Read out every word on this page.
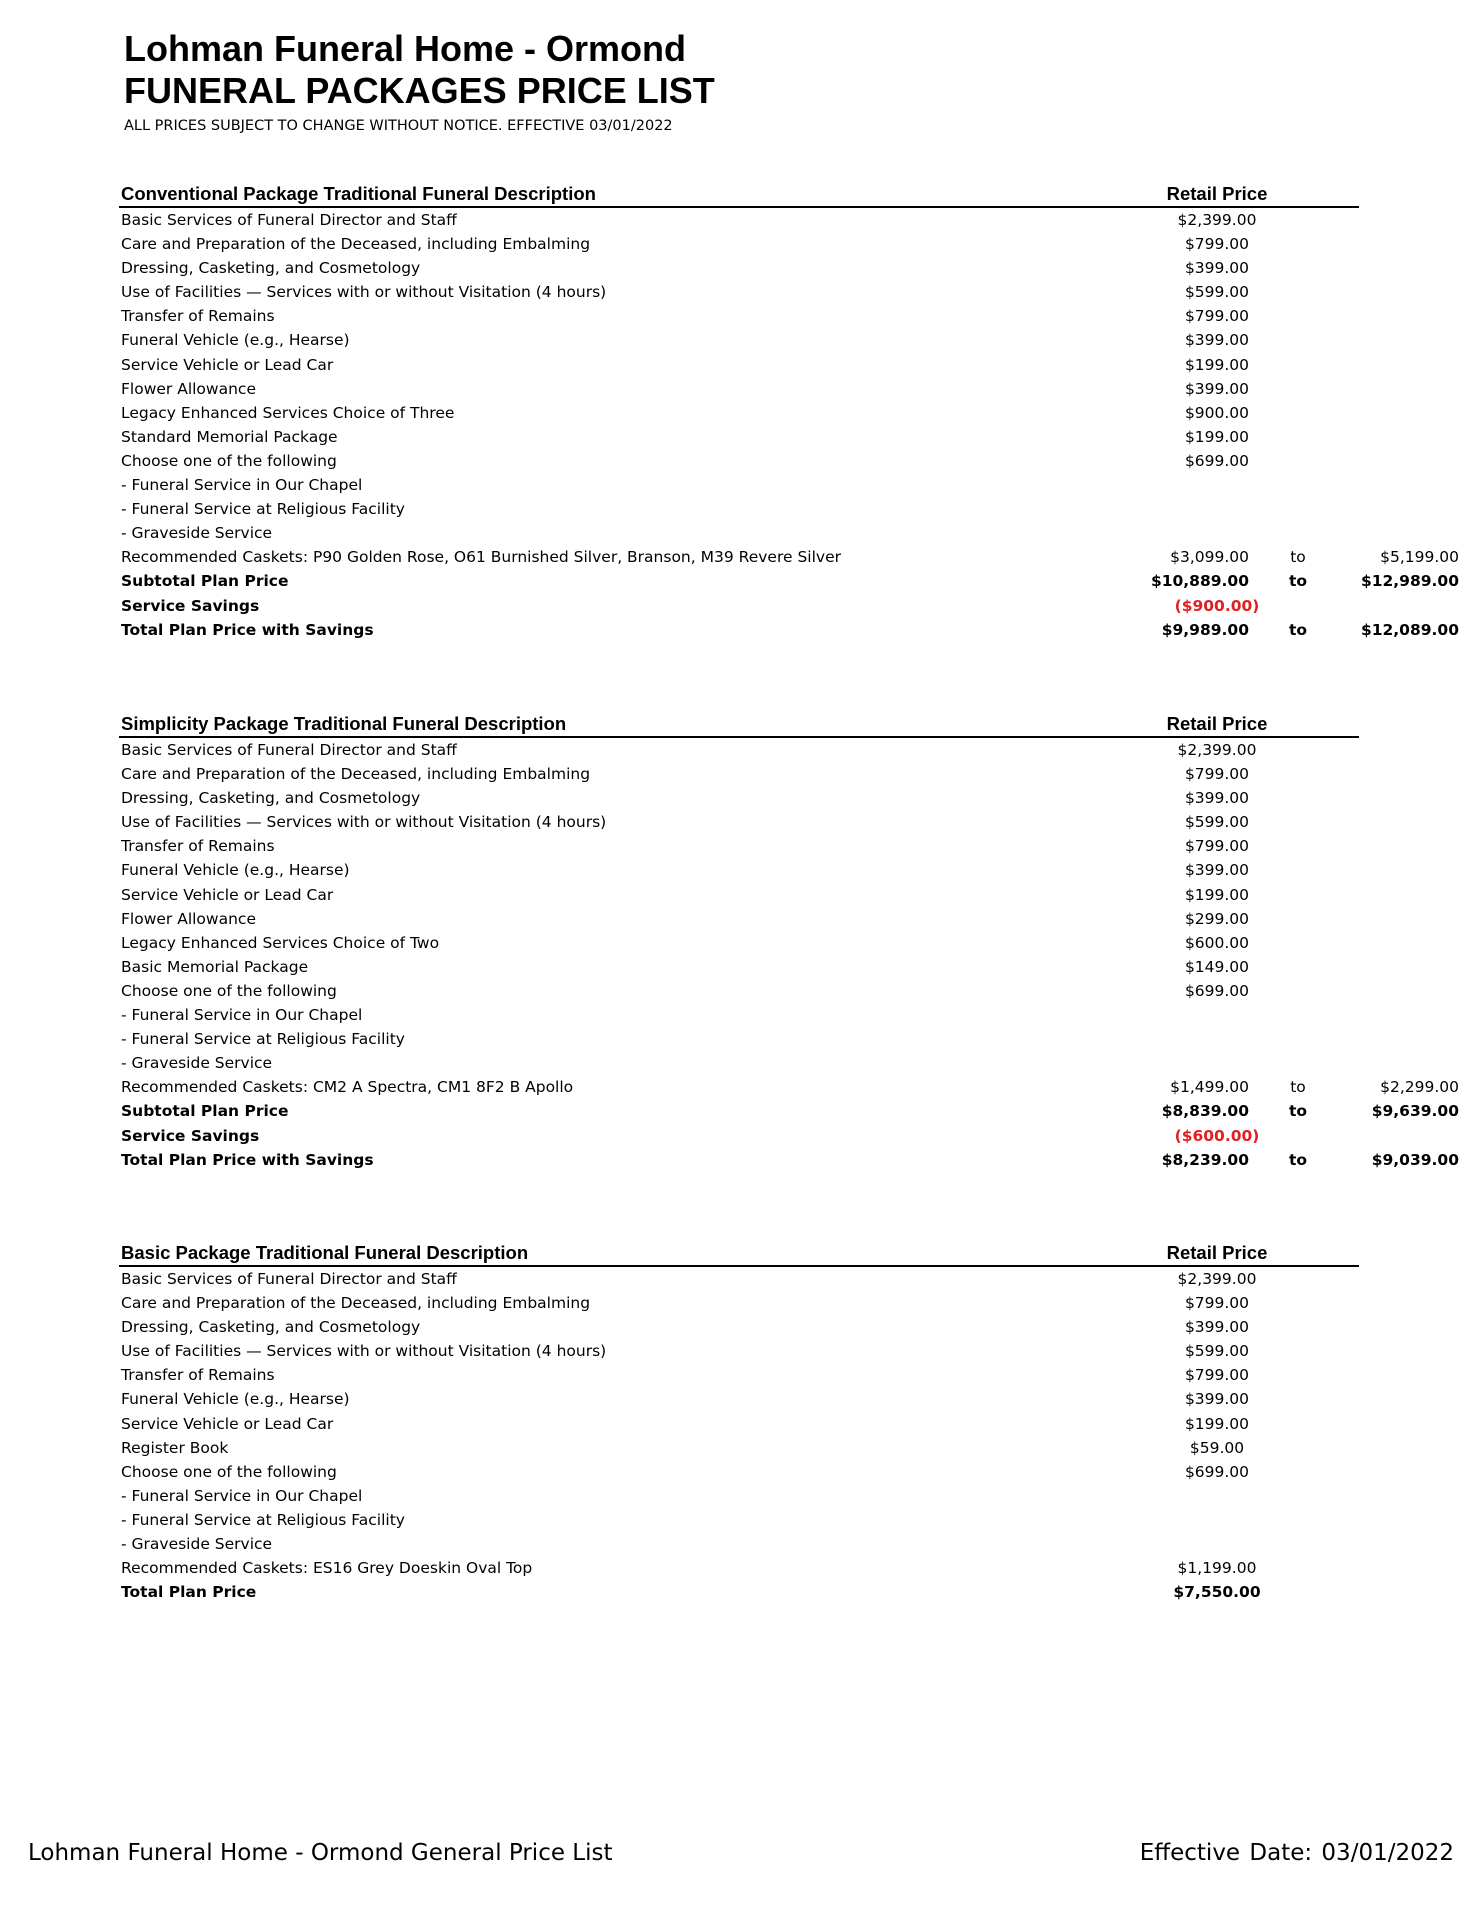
Lohman Funeral Home - Ormond
FUNERAL PACKAGES PRICE LIST
ALL PRICES SUBJECT TO CHANGE WITHOUT NOTICE. EFFECTIVE 03/01/2022
Conventional Package Traditional Funeral Description	Retail Price
Basic Services of Funeral Director and Staff	$2,399.00
Care and Preparation of the Deceased, including Embalming	$799.00
Dressing, Casketing, and Cosmetology	$399.00
Use of Facilities — Services with or without Visitation (4 hours)	$599.00
Transfer of Remains	$799.00
Funeral Vehicle (e.g., Hearse)	$399.00
Service Vehicle or Lead Car	$199.00
Flower Allowance	$399.00
Legacy Enhanced Services Choice of Three	$900.00
Standard Memorial Package	$199.00
Choose one of the following	$699.00
- Funeral Service in Our Chapel
- Funeral Service at Religious Facility
- Graveside Service
Recommended Caskets: P90 Golden Rose, O61 Burnished Silver, Branson, M39 Revere Silver	$3,099.00	to	$5,199.00
Subtotal Plan Price	$10,889.00	to	$12,989.00
Service Savings	($900.00)
Total Plan Price with Savings	$9,989.00	to	$12,089.00
Simplicity Package Traditional Funeral Description	Retail Price
Basic Services of Funeral Director and Staff	$2,399.00
Care and Preparation of the Deceased, including Embalming	$799.00
Dressing, Casketing, and Cosmetology	$399.00
Use of Facilities — Services with or without Visitation (4 hours)	$599.00
Transfer of Remains	$799.00
Funeral Vehicle (e.g., Hearse)	$399.00
Service Vehicle or Lead Car	$199.00
Flower Allowance	$299.00
Legacy Enhanced Services Choice of Two	$600.00
Basic Memorial Package	$149.00
Choose one of the following	$699.00
- Funeral Service in Our Chapel
- Funeral Service at Religious Facility
- Graveside Service
Recommended Caskets: CM2 A Spectra, CM1 8F2 B Apollo	$1,499.00	to	$2,299.00
Subtotal Plan Price	$8,839.00	to	$9,639.00
Service Savings	($600.00)
Total Plan Price with Savings	$8,239.00	to	$9,039.00
Basic Package Traditional Funeral Description	Retail Price
Basic Services of Funeral Director and Staff	$2,399.00
Care and Preparation of the Deceased, including Embalming	$799.00
Dressing, Casketing, and Cosmetology	$399.00
Use of Facilities — Services with or without Visitation (4 hours)	$599.00
Transfer of Remains	$799.00
Funeral Vehicle (e.g., Hearse)	$399.00
Service Vehicle or Lead Car	$199.00
Register Book	$59.00
Choose one of the following	$699.00
- Funeral Service in Our Chapel
- Funeral Service at Religious Facility
- Graveside Service
Recommended Caskets: ES16 Grey Doeskin Oval Top	$1,199.00
Total Plan Price	$7,550.00
Lohman Funeral Home - Ormond General Price List	Effective Date: 03/01/2022
